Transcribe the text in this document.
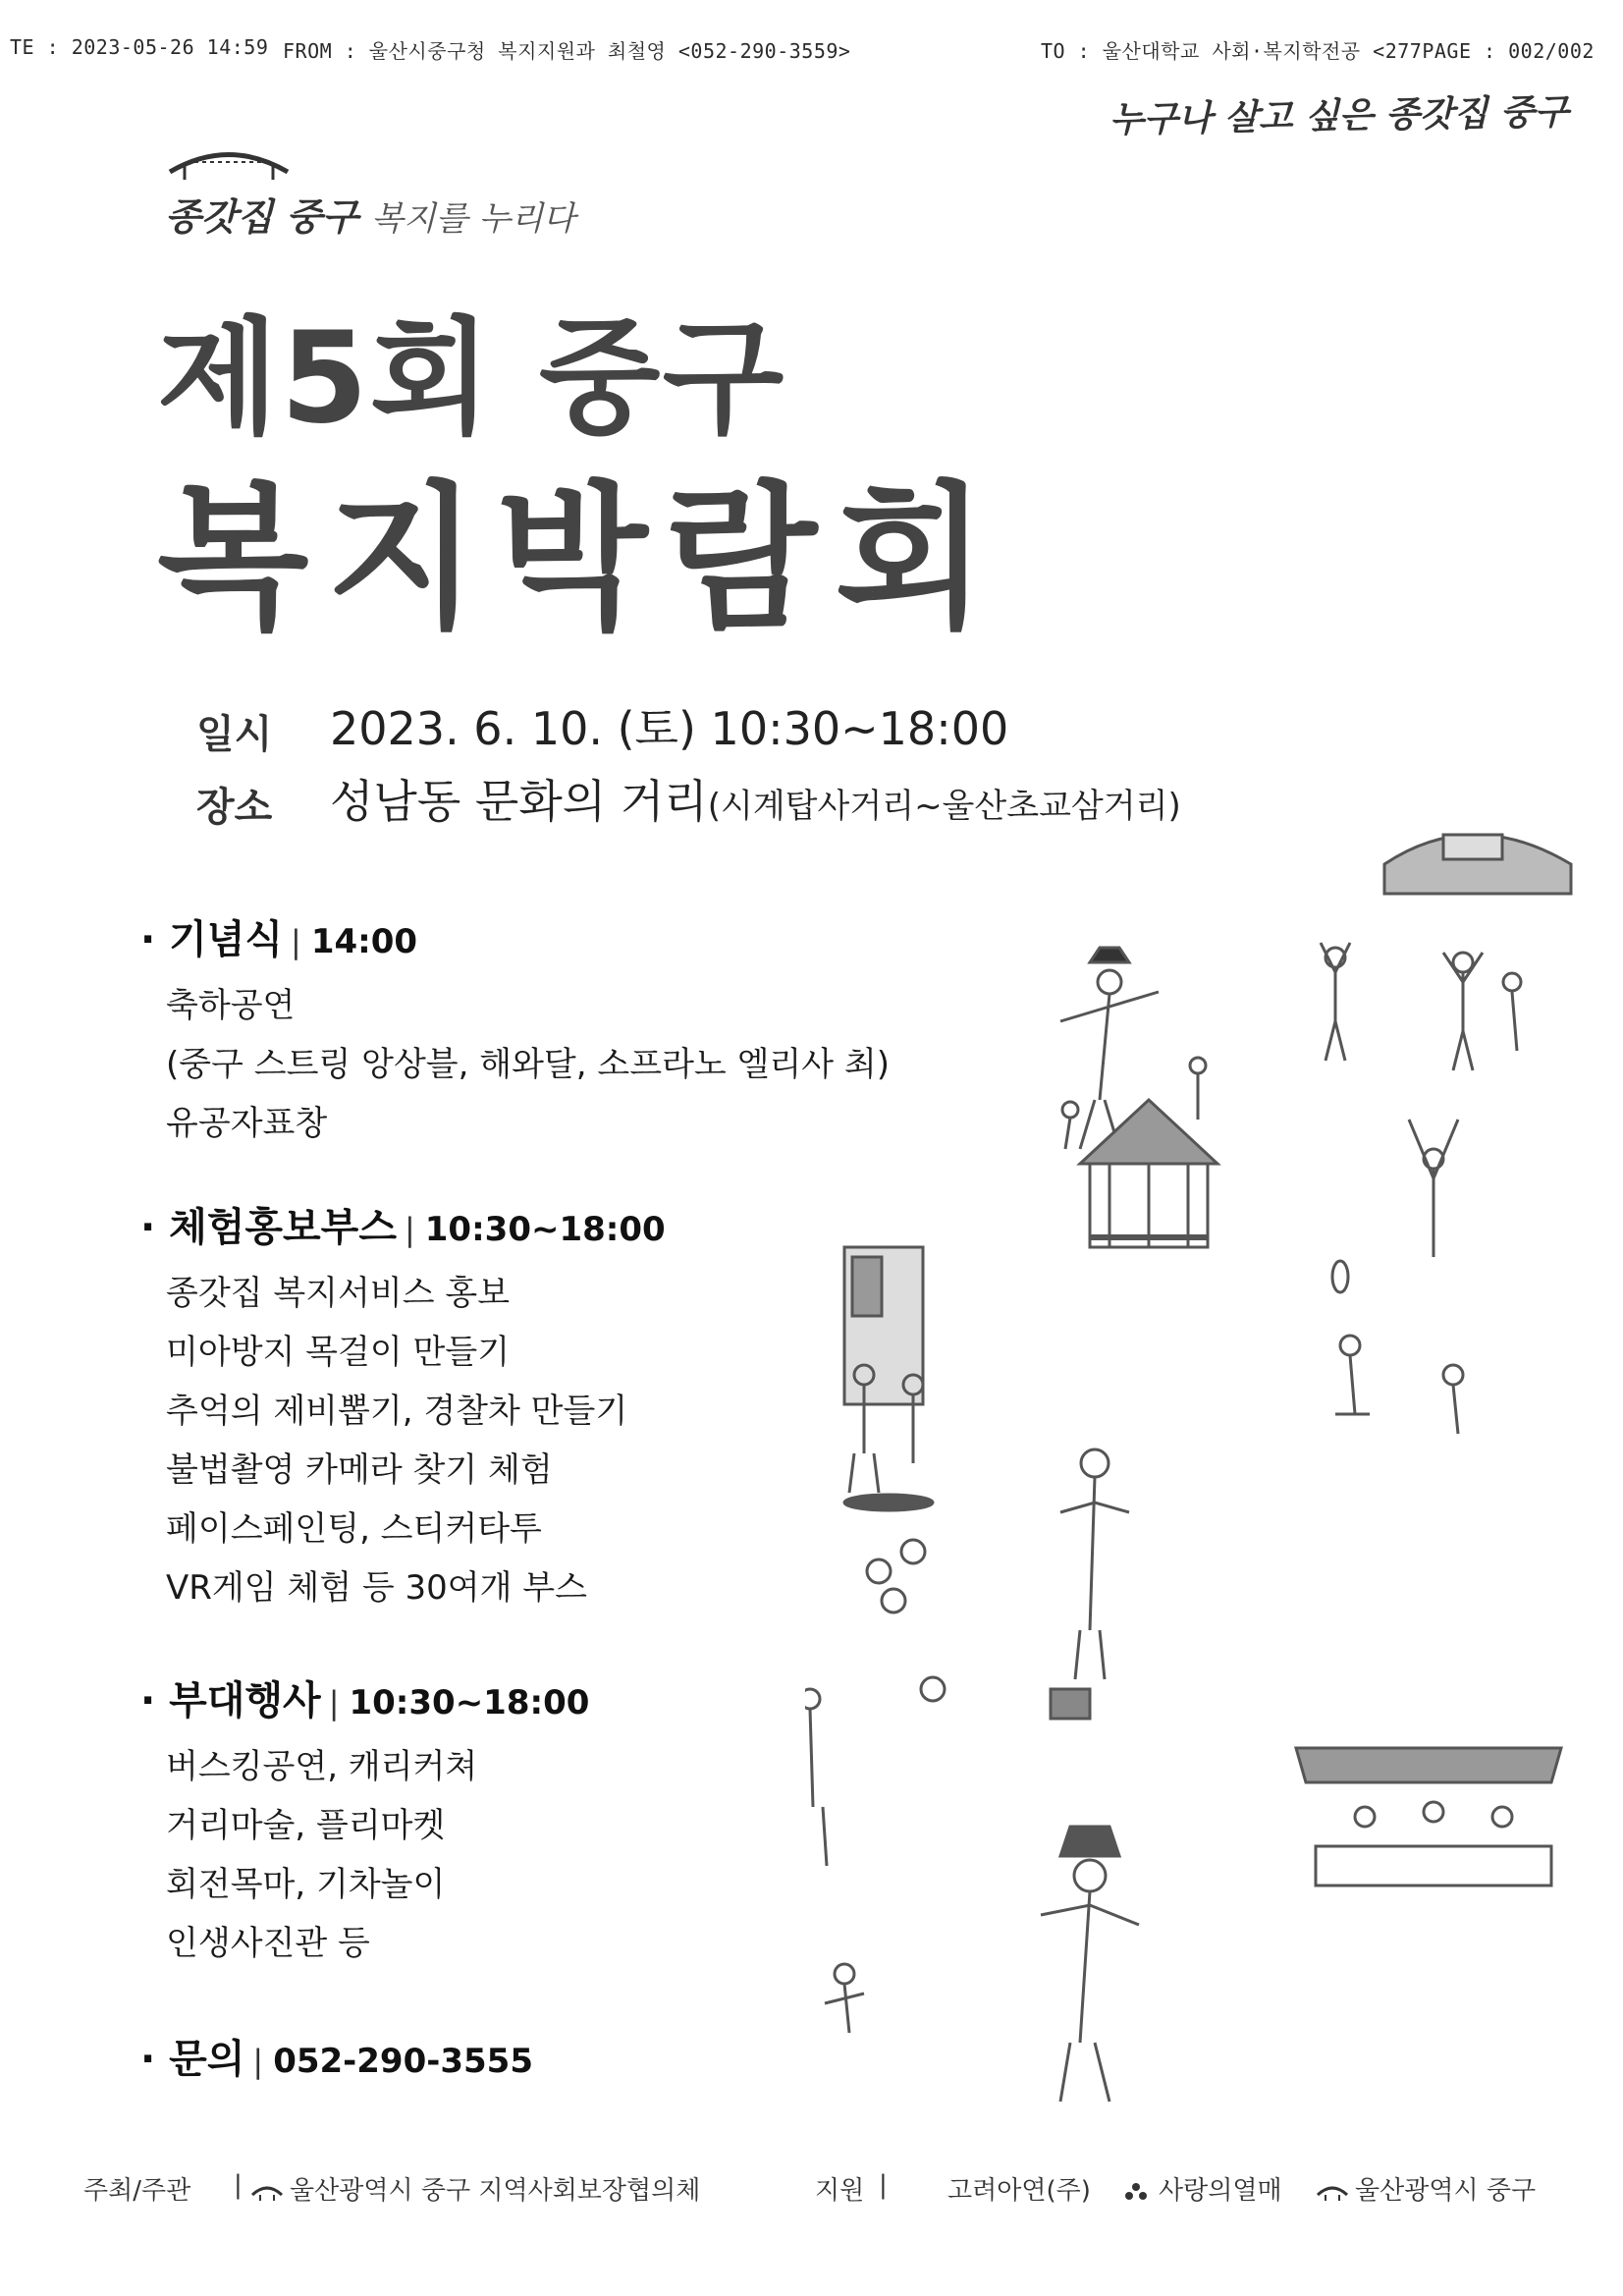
TE : 2023-05-26 14:59 FROM : 울산시중구청 복지지원과 최철영 <052-290-3559>	TO : 울산대학교 사회·복지학전공 <277PAGE : 002/002
누구나 살고 싶은 종갓집 중구
종갓집 중구 복지를 누리다
제5회 중구
복지박람회
일시 2023. 6. 10. (토) 10:30~18:00
장소 성남동 문화의 거리(시계탑사거리~울산초교삼거리)
· 기념식 | 14:00
축하공연
(중구 스트링 앙상블, 해와달, 소프라노 엘리사 최)
유공자표창
· 체험홍보부스 | 10:30~18:00
종갓집 복지서비스 홍보
미아방지 목걸이 만들기
추억의 제비뽑기, 경찰차 만들기
불법촬영 카메라 찾기 체험
페이스페인팅, 스티커타투
VR게임 체험 등 30여개 부스
· 부대행사 | 10:30~18:00
버스킹공연, 캐리커쳐
거리마술, 플리마켓
회전목마, 기차놀이
인생사진관 등
· 문의 | 052-290-3555
주최/주관 |	울산광역시 중구 지역사회보장협의체	지원 | 고려아연(주)	사랑의열매	울산광역시 중구
